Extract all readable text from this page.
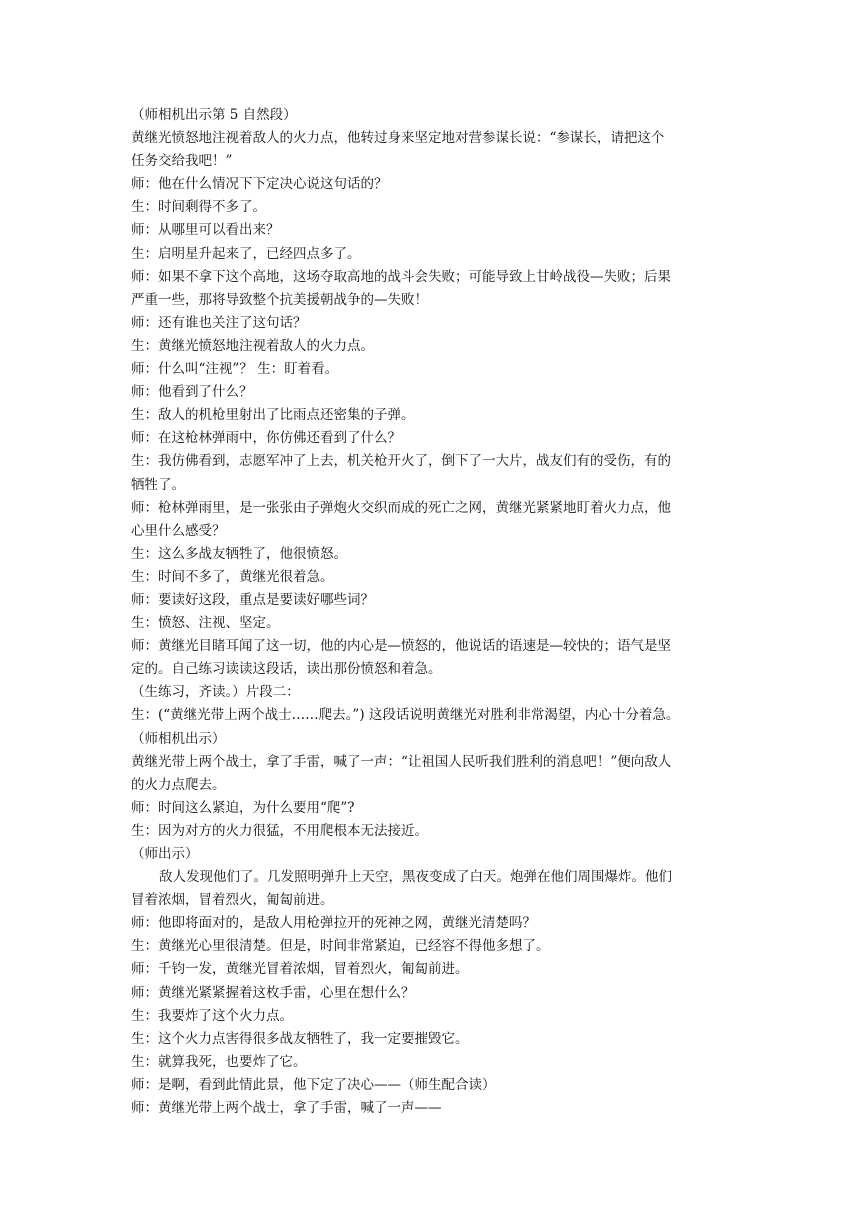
（师相机出示第 5 自然段）
黄继光愤怒地注视着敌人的火力点，他转过身来坚定地对营参谋长说：“参谋长，请把这个
任务交给我吧！”
师：他在什么情况下下定决心说这句话的？
生：时间剩得不多了。
师：从哪里可以看出来？
生：启明星升起来了，已经四点多了。
师：如果不拿下这个高地，这场夺取高地的战斗会失败；可能导致上甘岭战役—失败；后果
严重一些，那将导致整个抗美援朝战争的—失败！
师：还有谁也关注了这句话？
生：黄继光愤怒地注视着敌人的火力点。
师：什么叫“注视”？ 生：盯着看。
师：他看到了什么？
生：敌人的机枪里射出了比雨点还密集的子弹。
师：在这枪林弹雨中，你仿佛还看到了什么？
生：我仿佛看到，志愿军冲了上去，机关枪开火了，倒下了一大片，战友们有的受伤，有的
牺牲了。
师：枪林弹雨里，是一张张由子弹炮火交织而成的死亡之网，黄继光紧紧地盯着火力点，他
心里什么感受？
生：这么多战友牺牲了，他很愤怒。
生：时间不多了，黄继光很着急。
师：要读好这段，重点是要读好哪些词？
生：愤怒、注视、坚定。
师：黄继光目睹耳闻了这一切，他的内心是—愤怒的，他说话的语速是—较快的；语气是坚
定的。自己练习读读这段话，读出那份愤怒和着急。
（生练习，齐读。）片段二：
生：(“黄继光带上两个战士……爬去。”) 这段话说明黄继光对胜利非常渴望，内心十分着急。
（师相机出示）
黄继光带上两个战士，拿了手雷，喊了一声：“让祖国人民听我们胜利的消息吧！”便向敌人
的火力点爬去。
师：时间这么紧迫，为什么要用“爬”?
生：因为对方的火力很猛，不用爬根本无法接近。
（师出示）
敌人发现他们了。几发照明弹升上天空，黑夜变成了白天。炮弹在他们周围爆炸。他们
冒着浓烟，冒着烈火，匍匐前进。
师：他即将面对的，是敌人用枪弹拉开的死神之网，黄继光清楚吗？
生：黄继光心里很清楚。但是，时间非常紧迫，已经容不得他多想了。
师：千钧一发，黄继光冒着浓烟，冒着烈火，匍匐前进。
师：黄继光紧紧握着这枚手雷，心里在想什么？
生：我要炸了这个火力点。
生：这个火力点害得很多战友牺牲了，我一定要摧毁它。
生：就算我死，也要炸了它。
师：是啊，看到此情此景，他下定了决心——（师生配合读）
师：黄继光带上两个战士，拿了手雷，喊了一声——
